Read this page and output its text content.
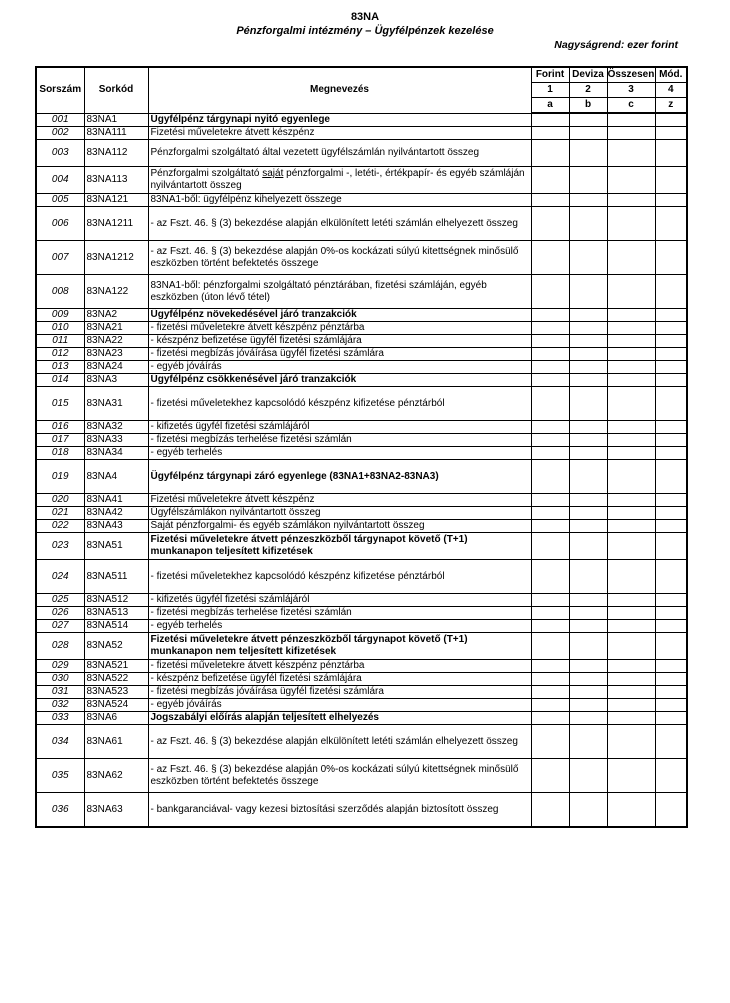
83NA
Pénzforgalmi intézmény – Ügyfélpénzek kezelése
Nagyságrend: ezer forint
Sorszám	Sorkód	Megnevezés	Forint	Deviza	Összesen	Mód.
			1	2	3	4
			a	b	c	z
001	83NA1	Ügyfélpénz tárgynapi nyitó egyenlege				
002	83NA111	Fizetési műveletekre átvett készpénz				
003	83NA112	Pénzforgalmi szolgáltató által vezetett ügyfélszámlán nyilvántartott összeg				
004	83NA113	Pénzforgalmi szolgáltató saját pénzforgalmi -, letéti-, értékpapír- és egyéb számláján nyilvántartott összeg				
005	83NA121	83NA1-ből: ügyfélpénz kihelyezett összege				
006	83NA1211	- az Fszt. 46. § (3) bekezdése alapján elkülönített letéti számlán elhelyezett összeg				
007	83NA1212	- az Fszt. 46. § (3) bekezdése alapján 0%-os kockázati súlyú kitettségnek minősülő eszközben történt befektetés összege				
008	83NA122	83NA1-ből: pénzforgalmi szolgáltató pénztárában, fizetési számláján, egyéb eszközben (úton lévő tétel)				
009	83NA2	Ügyfélpénz növekedésével járó tranzakciók				
010	83NA21	- fizetési műveletekre átvett készpénz pénztárba				
011	83NA22	- készpénz befizetése ügyfél fizetési számlájára				
012	83NA23	- fizetési megbízás jóváírása ügyfél fizetési számlára				
013	83NA24	- egyéb jóváírás				
014	83NA3	Ügyfélpénz csökkenésével járó tranzakciók				
015	83NA31	- fizetési műveletekhez kapcsolódó készpénz kifizetése pénztárból				
016	83NA32	- kifizetés ügyfél fizetési számlájáról				
017	83NA33	- fizetési megbízás terhelése fizetési számlán				
018	83NA34	- egyéb terhelés				
019	83NA4	Ügyfélpénz tárgynapi záró egyenlege (83NA1+83NA2-83NA3)				
020	83NA41	Fizetési műveletekre átvett készpénz				
021	83NA42	Ügyfélszámlákon nyilvántartott összeg				
022	83NA43	Saját pénzforgalmi- és egyéb számlákon nyilvántartott összeg				
023	83NA51	Fizetési műveletekre átvett pénzeszközből tárgynapot követő (T+1) munkanapon teljesített kifizetések				
024	83NA511	- fizetési műveletekhez kapcsolódó készpénz kifizetése pénztárból				
025	83NA512	- kifizetés ügyfél fizetési számlájáról				
026	83NA513	- fizetési megbízás terhelése fizetési számlán				
027	83NA514	- egyéb terhelés				
028	83NA52	Fizetési műveletekre átvett pénzeszközből tárgynapot követő (T+1) munkanapon nem teljesített kifizetések				
029	83NA521	- fizetési műveletekre átvett készpénz pénztárba				
030	83NA522	- készpénz befizetése ügyfél fizetési számlájára				
031	83NA523	- fizetési megbízás jóváírása ügyfél fizetési számlára				
032	83NA524	- egyéb jóváírás				
033	83NA6	Jogszabályi előírás alapján teljesített elhelyezés				
034	83NA61	- az Fszt. 46. § (3) bekezdése alapján elkülönített letéti számlán elhelyezett összeg				
035	83NA62	- az Fszt. 46. § (3) bekezdése alapján 0%-os kockázati súlyú kitettségnek minősülő eszközben történt befektetés összege				
036	83NA63	- bankgaranciával- vagy kezesi biztosítási szerződés alapján biztosított összeg				
